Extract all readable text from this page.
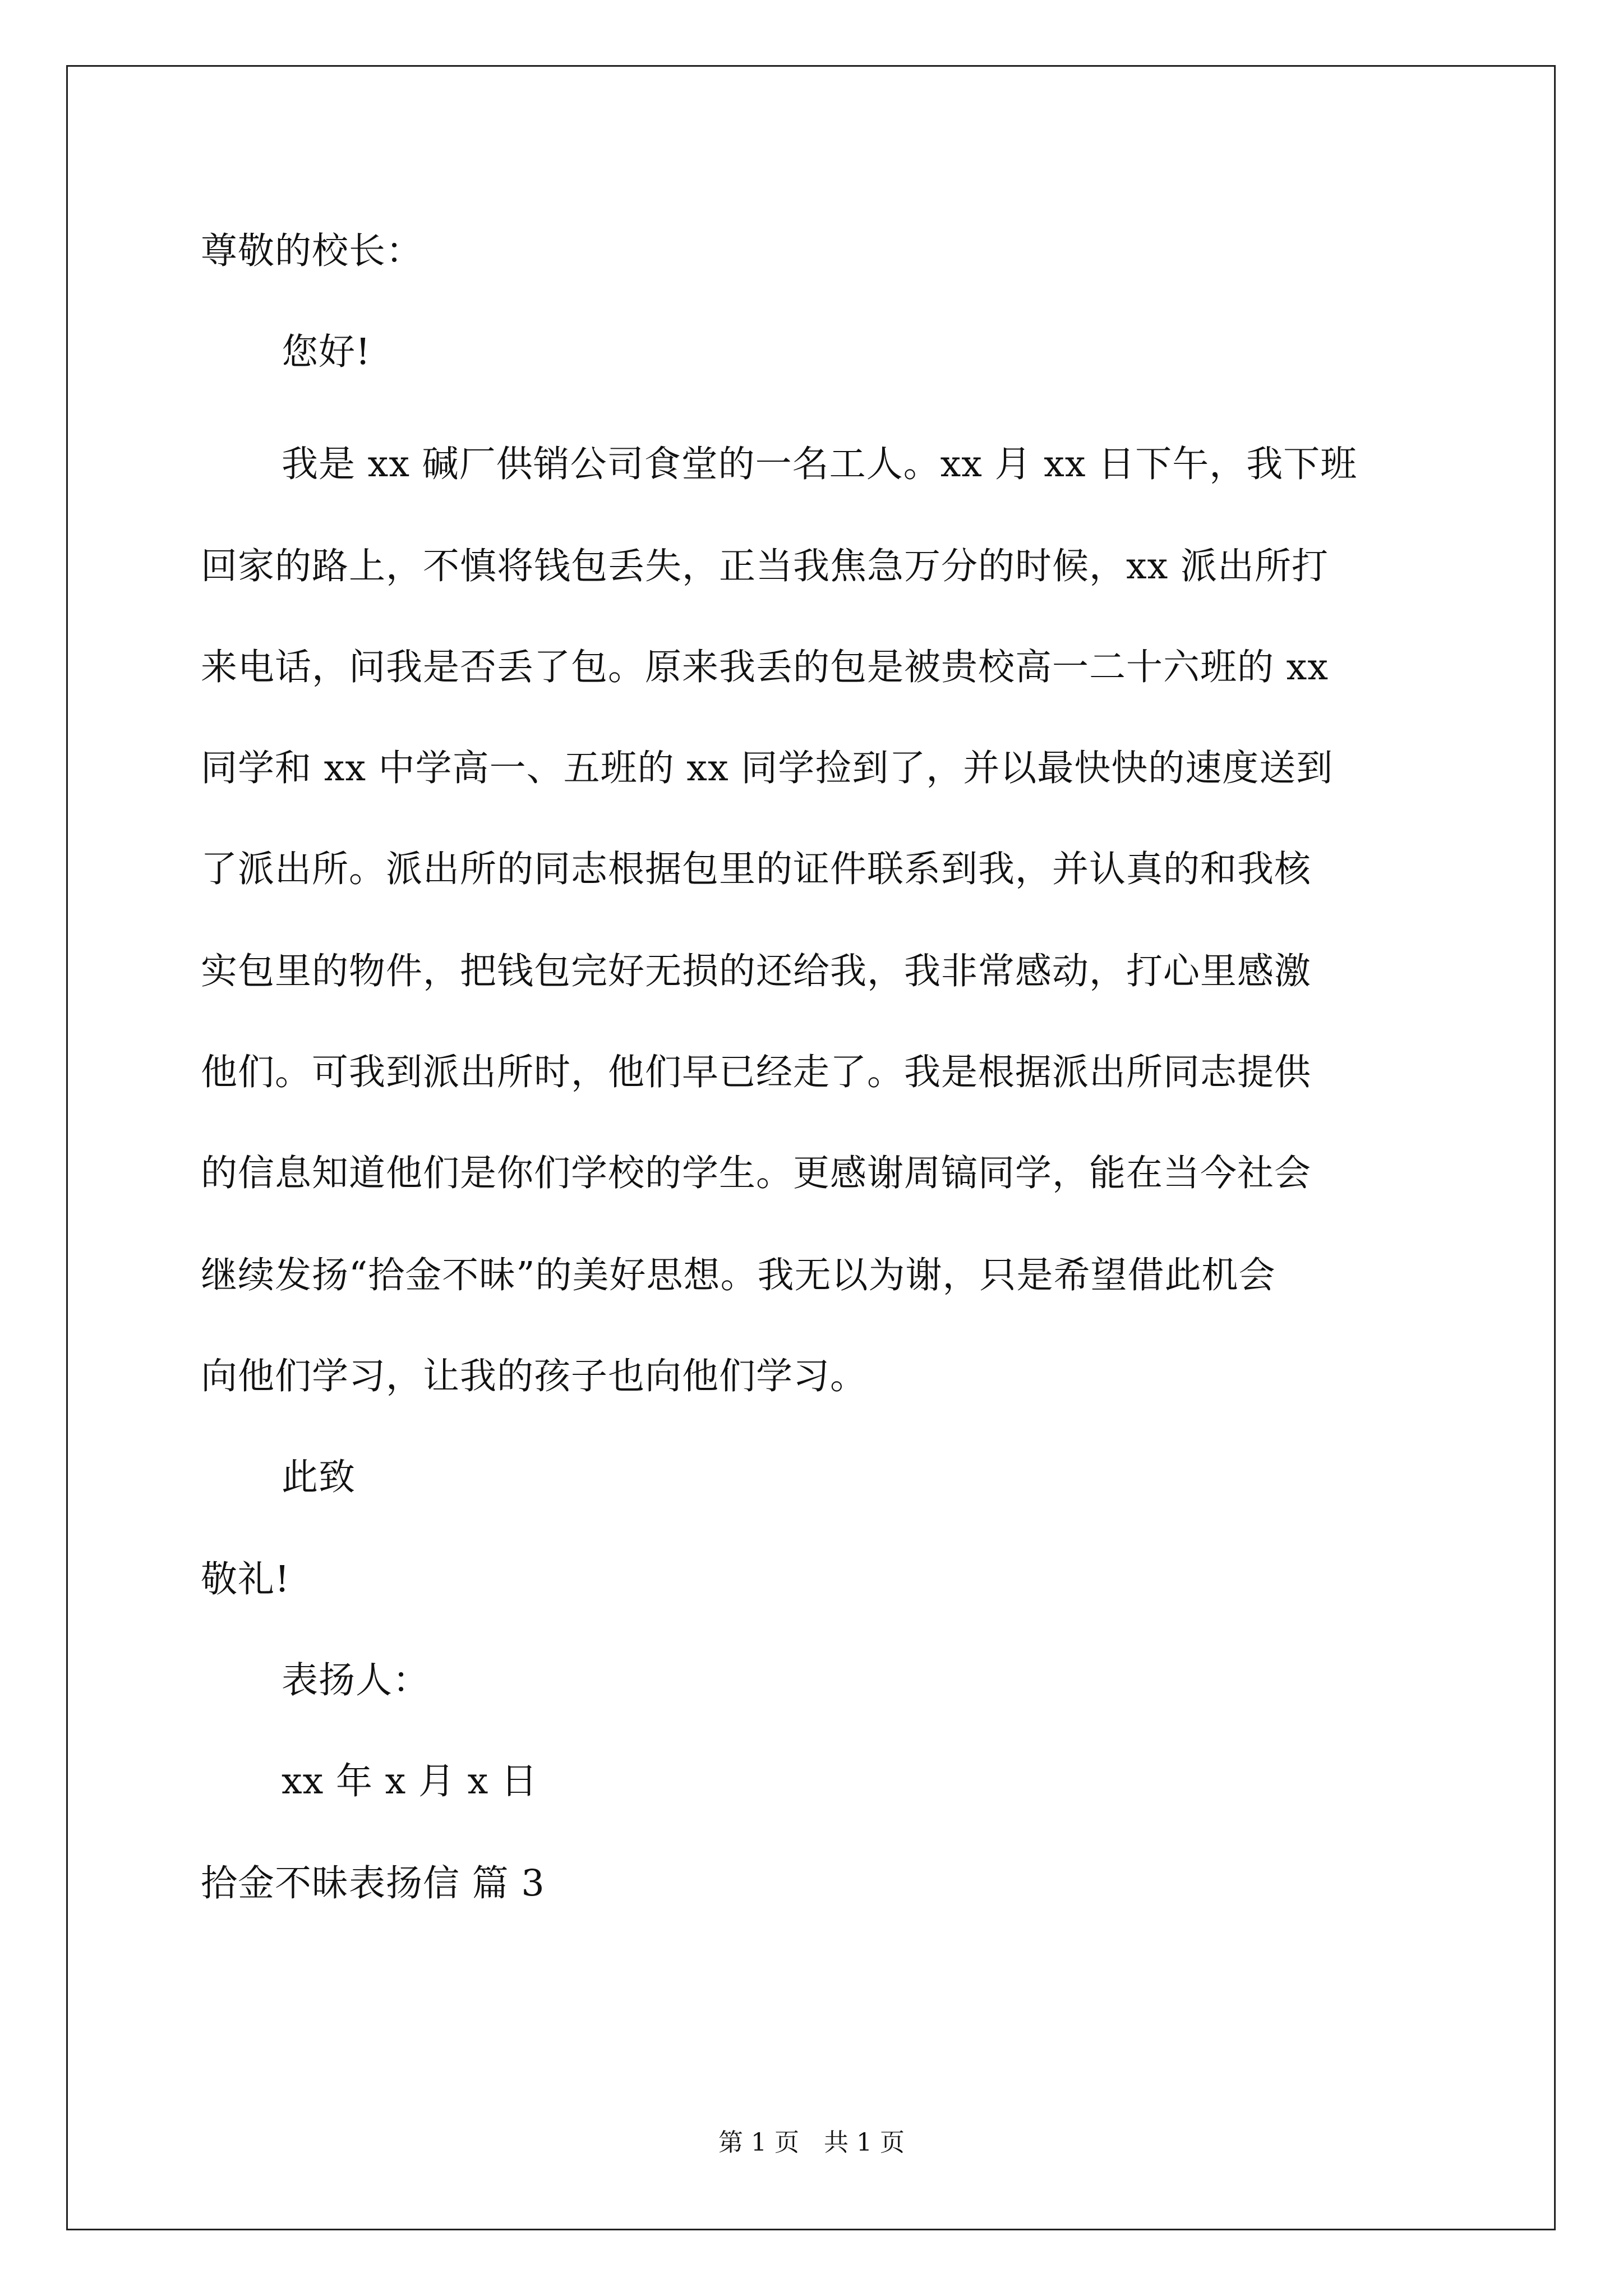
尊敬的校长：
您好!
我是 xx 碱厂供销公司食堂的一名工人。xx 月 xx 日下午，我下班
回家的路上，不慎将钱包丢失，正当我焦急万分的时候，xx 派出所打
来电话，问我是否丢了包。原来我丢的包是被贵校高一二十六班的 xx
同学和 xx 中学高一、五班的 xx 同学捡到了，并以最快快的速度送到
了派出所。派出所的同志根据包里的证件联系到我，并认真的和我核
实包里的物件，把钱包完好无损的还给我，我非常感动，打心里感激
他们。可我到派出所时，他们早已经走了。我是根据派出所同志提供
的信息知道他们是你们学校的学生。更感谢周镐同学，能在当今社会
继续发扬“拾金不昧”的美好思想。我无以为谢，只是希望借此机会
向他们学习，让我的孩子也向他们学习。
此致
敬礼!
表扬人：
xx 年 x 月 x 日
拾金不昧表扬信 篇 3
第 1 页　共 1 页
